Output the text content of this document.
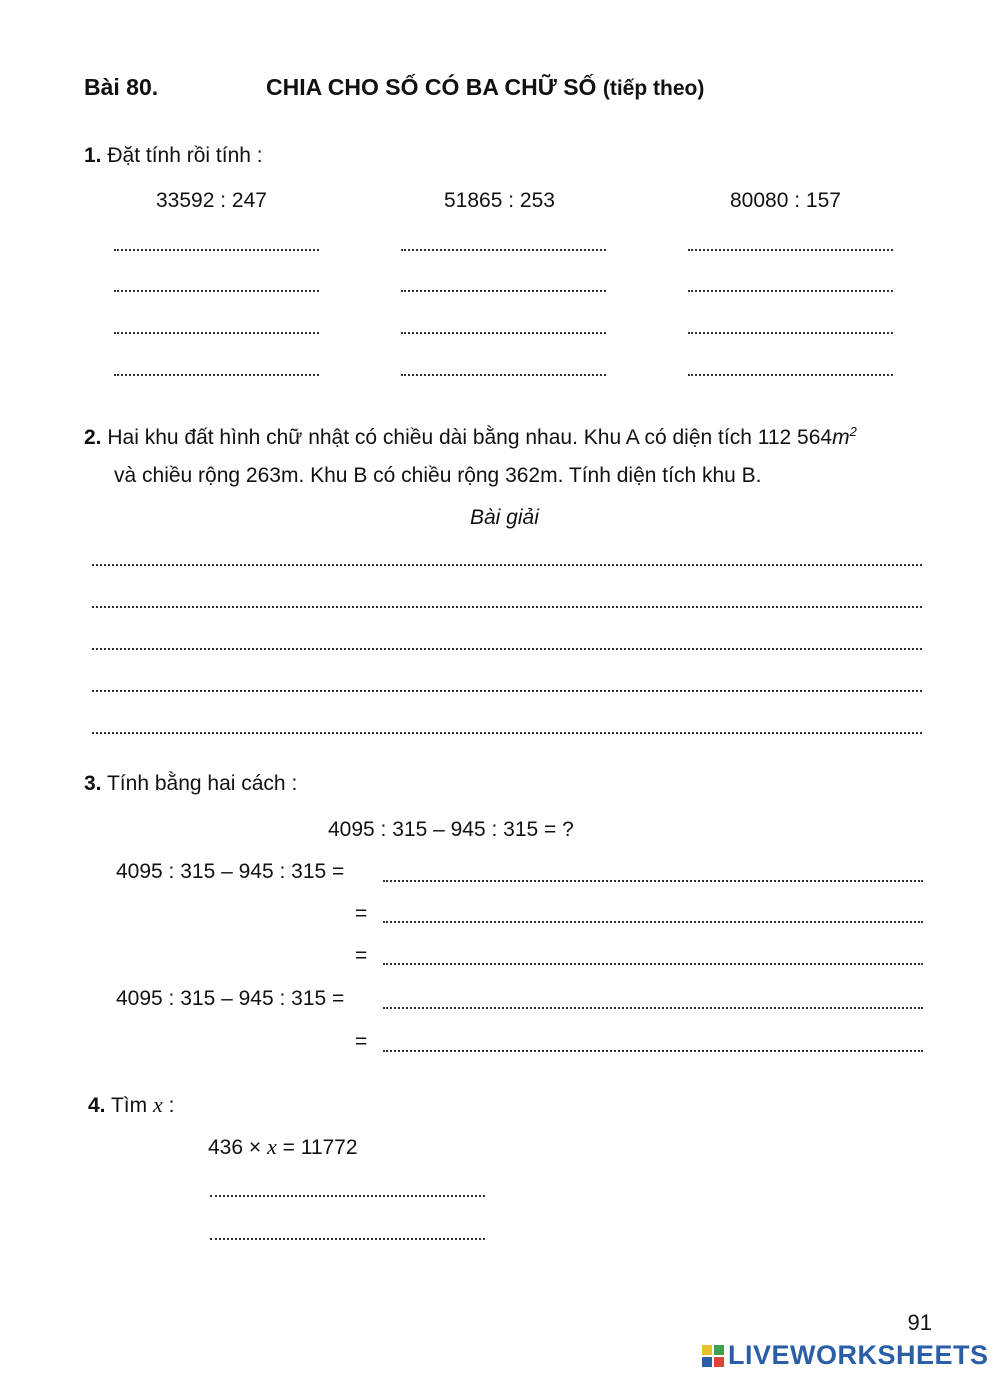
Bài 80.	CHIA CHO SỐ CÓ BA CHỮ SỐ (tiếp theo)
1. Đặt tính rồi tính :
33592 : 247	51865 : 253	80080 : 157
2. Hai khu đất hình chữ nhật có chiều dài bằng nhau. Khu A có diện tích 112 $564m^2$
và chiều rộng 263m. Khu B có chiều rộng 362m. Tính diện tích khu B.
Bài giải
3. Tính bằng hai cách :
4095 : 315 – 945 : 315 = ?
4095 : 315 – 945 : 315 =
=
=
4095 : 315 – 945 : 315 =
=
4. Tìm x :
436 × x = 11772
91
LIVEWORKSHEETS
